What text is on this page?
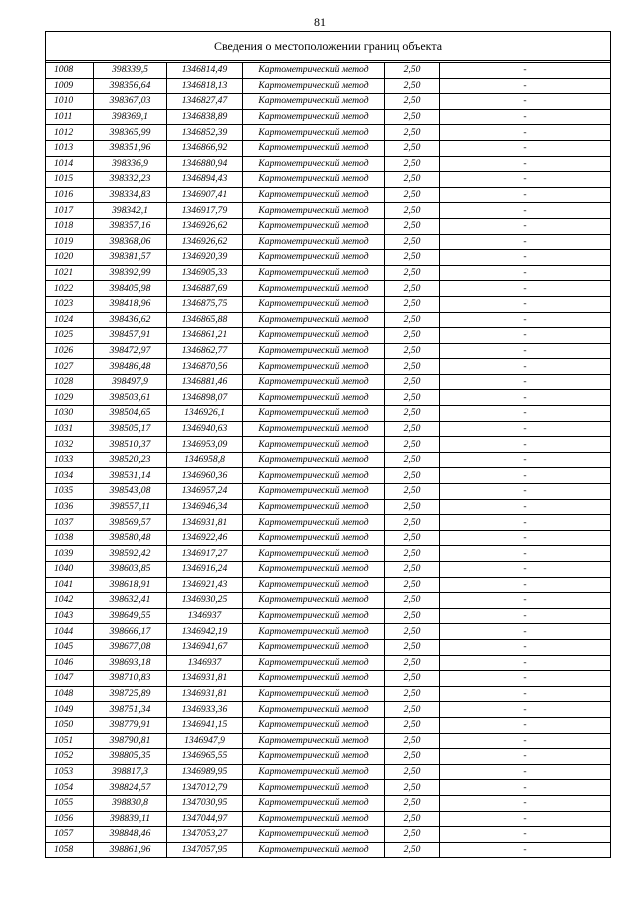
81
Сведения о местоположении границ объекта					

1008	398339,5	1346814,49	Картометрический метод	2,50	-
1009	398356,64	1346818,13	Картометрический метод	2,50	-
1010	398367,03	1346827,47	Картометрический метод	2,50	-
1011	398369,1	1346838,89	Картометрический метод	2,50	-
1012	398365,99	1346852,39	Картометрический метод	2,50	-
1013	398351,96	1346866,92	Картометрический метод	2,50	-
1014	398336,9	1346880,94	Картометрический метод	2,50	-
1015	398332,23	1346894,43	Картометрический метод	2,50	-
1016	398334,83	1346907,41	Картометрический метод	2,50	-
1017	398342,1	1346917,79	Картометрический метод	2,50	-
1018	398357,16	1346926,62	Картометрический метод	2,50	-
1019	398368,06	1346926,62	Картометрический метод	2,50	-
1020	398381,57	1346920,39	Картометрический метод	2,50	-
1021	398392,99	1346905,33	Картометрический метод	2,50	-
1022	398405,98	1346887,69	Картометрический метод	2,50	-
1023	398418,96	1346875,75	Картометрический метод	2,50	-
1024	398436,62	1346865,88	Картометрический метод	2,50	-
1025	398457,91	1346861,21	Картометрический метод	2,50	-
1026	398472,97	1346862,77	Картометрический метод	2,50	-
1027	398486,48	1346870,56	Картометрический метод	2,50	-
1028	398497,9	1346881,46	Картометрический метод	2,50	-
1029	398503,61	1346898,07	Картометрический метод	2,50	-
1030	398504,65	1346926,1	Картометрический метод	2,50	-
1031	398505,17	1346940,63	Картометрический метод	2,50	-
1032	398510,37	1346953,09	Картометрический метод	2,50	-
1033	398520,23	1346958,8	Картометрический метод	2,50	-
1034	398531,14	1346960,36	Картометрический метод	2,50	-
1035	398543,08	1346957,24	Картометрический метод	2,50	-
1036	398557,11	1346946,34	Картометрический метод	2,50	-
1037	398569,57	1346931,81	Картометрический метод	2,50	-
1038	398580,48	1346922,46	Картометрический метод	2,50	-
1039	398592,42	1346917,27	Картометрический метод	2,50	-
1040	398603,85	1346916,24	Картометрический метод	2,50	-
1041	398618,91	1346921,43	Картометрический метод	2,50	-
1042	398632,41	1346930,25	Картометрический метод	2,50	-
1043	398649,55	1346937	Картометрический метод	2,50	-
1044	398666,17	1346942,19	Картометрический метод	2,50	-
1045	398677,08	1346941,67	Картометрический метод	2,50	-
1046	398693,18	1346937	Картометрический метод	2,50	-
1047	398710,83	1346931,81	Картометрический метод	2,50	-
1048	398725,89	1346931,81	Картометрический метод	2,50	-
1049	398751,34	1346933,36	Картометрический метод	2,50	-
1050	398779,91	1346941,15	Картометрический метод	2,50	-
1051	398790,81	1346947,9	Картометрический метод	2,50	-
1052	398805,35	1346965,55	Картометрический метод	2,50	-
1053	398817,3	1346989,95	Картометрический метод	2,50	-
1054	398824,57	1347012,79	Картометрический метод	2,50	-
1055	398830,8	1347030,95	Картометрический метод	2,50	-
1056	398839,11	1347044,97	Картометрический метод	2,50	-
1057	398848,46	1347053,27	Картометрический метод	2,50	-
1058	398861,96	1347057,95	Картометрический метод	2,50	-
